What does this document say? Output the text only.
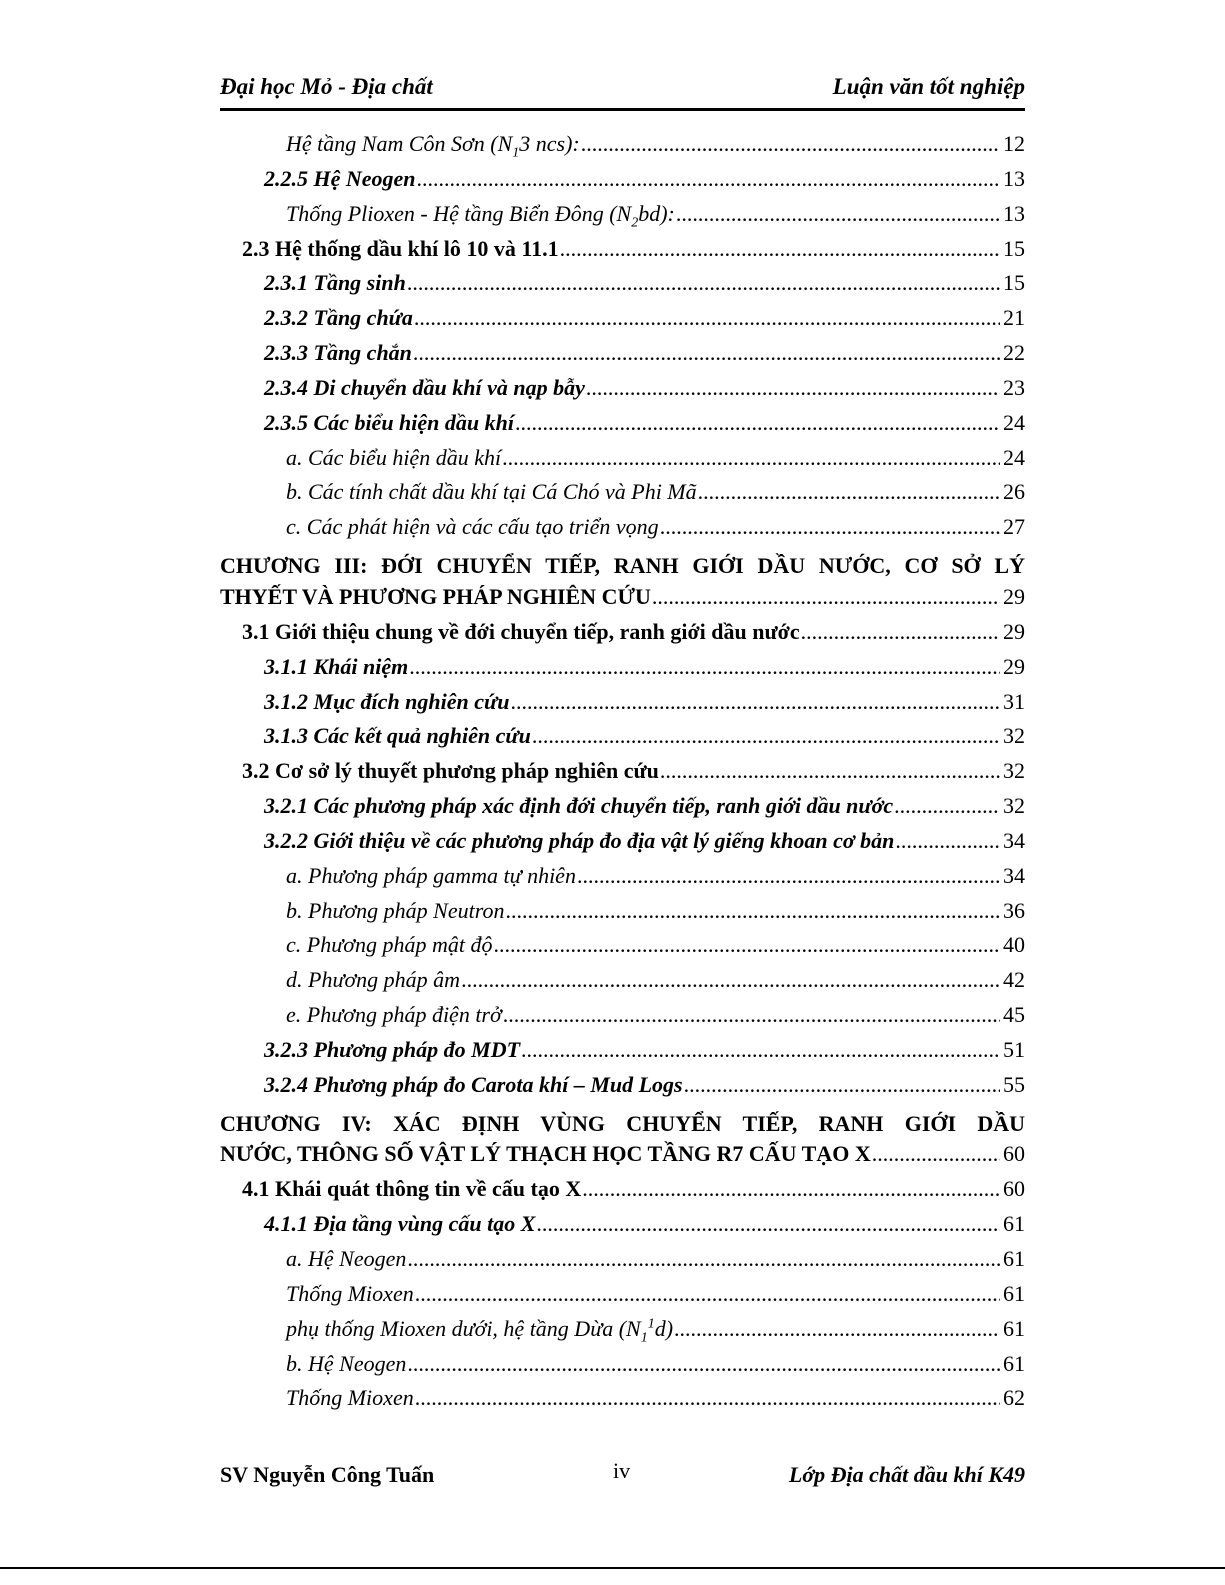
Đại học Mỏ - Địa chất	Luận văn tốt nghiệp
Hệ tầng Nam Côn Sơn ($N_13$ ncs): .....	12
2.2.5 Hệ Neogen .....	13
Thống Plioxen - Hệ tầng Biển Đông $(N_2bd)$: .....	13
2.3 Hệ thống dầu khí lô 10 và 11.1 .....	15
2.3.1 Tầng sinh .....	15
2.3.2 Tầng chứa .....	21
2.3.3 Tầng chắn .....	22
2.3.4 Di chuyển dầu khí và nạp bẫy .....	23
2.3.5 Các biểu hiện dầu khí .....	24
a. Các biểu hiện dầu khí .....	24
b. Các tính chất dầu khí tại Cá Chó và Phi Mã .....	26
c. Các phát hiện và các cấu tạo triển vọng .....	27
CHƯƠNG III: ĐỚI CHUYỂN TIẾP, RANH GIỚI DẦU NƯỚC, CƠ SỞ LÝ
THYẾT VÀ PHƯƠNG PHÁP NGHIÊN CỨU .....	29
3.1 Giới thiệu chung về đới chuyển tiếp, ranh giới dầu nước .....	29
3.1.1 Khái niệm .....	29
3.1.2 Mục đích nghiên cứu .....	31
3.1.3 Các kết quả nghiên cứu .....	32
3.2 Cơ sở lý thuyết phương pháp nghiên cứu .....	32
3.2.1 Các phương pháp xác định đới chuyển tiếp, ranh giới dầu nước .....	32
3.2.2 Giới thiệu về các phương pháp đo địa vật lý giếng khoan cơ bản .....	34
a. Phương pháp gamma tự nhiên .....	34
b. Phương pháp Neutron .....	36
c. Phương pháp mật độ .....	40
d. Phương pháp âm .....	42
e. Phương pháp điện trở .....	45
3.2.3 Phương pháp đo MDT .....	51
3.2.4 Phương pháp đo Carota khí – Mud Logs .....	55
CHƯƠNG IV: XÁC ĐỊNH VÙNG CHUYỂN TIẾP, RANH GIỚI DẦU
NƯỚC, THÔNG SỐ VẬT LÝ THẠCH HỌC TẦNG R7 CẤU TẠO X .....	60
4.1 Khái quát thông tin về cấu tạo X .....	60
4.1.1 Địa tầng vùng cấu tạo X .....	61
a. Hệ Neogen .....	61
Thống Mioxen .....	61
phụ thống Mioxen dưới, hệ tầng Dừa $(N_1^1d)$ .....	61
b. Hệ Neogen .....	61
Thống Mioxen .....	62
SV Nguyễn Công Tuấn	iv	Lớp Địa chất dầu khí K49
